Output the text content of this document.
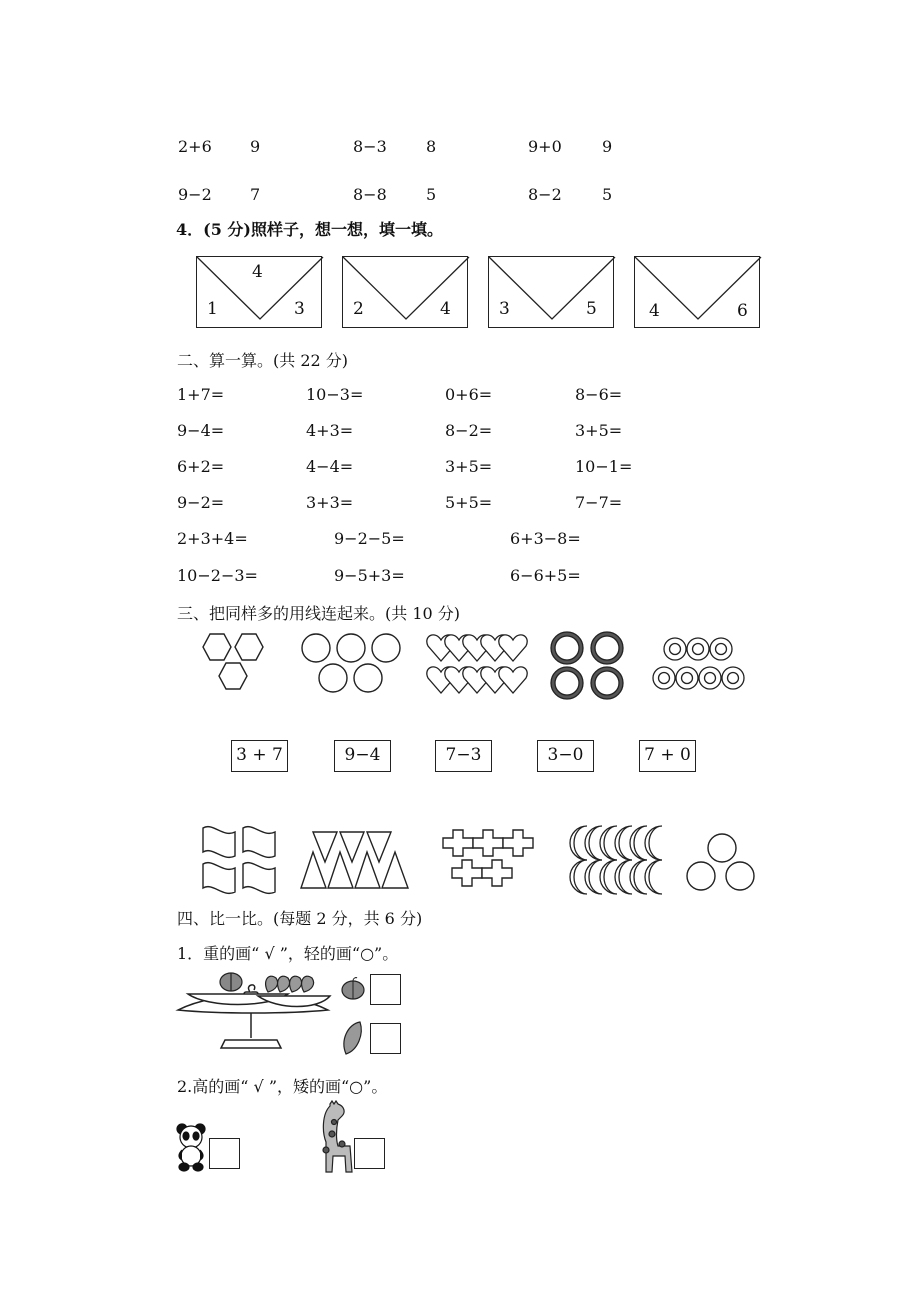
2+6 9	8−3 8	9+0	9
9−2 7	8−8 5	8−2	5
4．(5 分)照样子，想一想，填一填。
4
1	3	2	4	3	5	4	6
二、算一算。(共 22 分)
1+7=	10−3=	0+6=	8−6=
9−4=	4+3=	8−2=	3+5=
6+2=	4−4=	3+5=	10−1=
9−2=	3+3=	5+5=	7−7=
2+3+4=	9−2−5=	6+3−8=
10−2−3=	9−5+3=	6−6+5=
三、把同样多的用线连起来。(共 10 分)
3 + 7	9−4	7−3	3−0	7 + 0
四、比一比。(每题 2 分，共 6 分)
1．重的画“ √ ”，轻的画“○”。
2.高的画“ √ ”，矮的画“○”。
